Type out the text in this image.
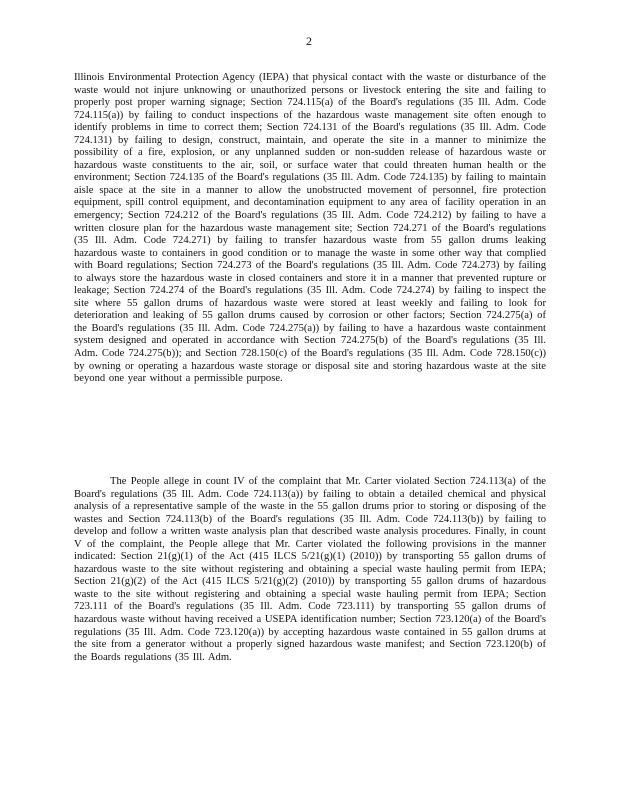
2

Illinois Environmental Protection Agency (IEPA) that physical contact with the waste or disturbance of the waste would not injure unknowing or unauthorized persons or livestock entering the site and failing to properly post proper warning signage; Section 724.115(a) of the Board's regulations (35 Ill. Adm. Code 724.115(a)) by failing to conduct inspections of the hazardous waste management site often enough to identify problems in time to correct them; Section 724.131 of the Board's regulations (35 Ill. Adm. Code 724.131) by failing to design, construct, maintain, and operate the site in a manner to minimize the possibility of a fire, explosion, or any unplanned sudden or non-sudden release of hazardous waste or hazardous waste constituents to the air, soil, or surface water that could threaten human health or the environment; Section 724.135 of the Board's regulations (35 Ill. Adm. Code 724.135) by failing to maintain aisle space at the site in a manner to allow the unobstructed movement of personnel, fire protection equipment, spill control equipment, and decontamination equipment to any area of facility operation in an emergency; Section 724.212 of the Board's regulations (35 Ill. Adm. Code 724.212) by failing to have a written closure plan for the hazardous waste management site; Section 724.271 of the Board's regulations (35 Ill. Adm. Code 724.271) by failing to transfer hazardous waste from 55 gallon drums leaking hazardous waste to containers in good condition or to manage the waste in some other way that complied with Board regulations; Section 724.273 of the Board's regulations (35 Ill. Adm. Code 724.273) by failing to always store the hazardous waste in closed containers and store it in a manner that prevented rupture or leakage; Section 724.274 of the Board's regulations (35 Ill. Adm. Code 724.274) by failing to inspect the site where 55 gallon drums of hazardous waste were stored at least weekly and failing to look for deterioration and leaking of 55 gallon drums caused by corrosion or other factors; Section 724.275(a) of the Board's regulations (35 Ill. Adm. Code 724.275(a)) by failing to have a hazardous waste containment system designed and operated in accordance with Section 724.275(b) of the Board's regulations (35 Ill. Adm. Code 724.275(b)); and Section 728.150(c) of the Board's regulations (35 Ill. Adm. Code 728.150(c)) by owning or operating a hazardous waste storage or disposal site and storing hazardous waste at the site beyond one year without a permissible purpose.

The People allege in count IV of the complaint that Mr. Carter violated Section 724.113(a) of the Board's regulations (35 Ill. Adm. Code 724.113(a)) by failing to obtain a detailed chemical and physical analysis of a representative sample of the waste in the 55 gallon drums prior to storing or disposing of the wastes and Section 724.113(b) of the Board's regulations (35 Ill. Adm. Code 724.113(b)) by failing to develop and follow a written waste analysis plan that described waste analysis procedures. Finally, in count V of the complaint, the People allege that Mr. Carter violated the following provisions in the manner indicated: Section 21(g)(1) of the Act (415 ILCS 5/21(g)(1) (2010)) by transporting 55 gallon drums of hazardous waste to the site without registering and obtaining a special waste hauling permit from IEPA; Section 21(g)(2) of the Act (415 ILCS 5/21(g)(2) (2010)) by transporting 55 gallon drums of hazardous waste to the site without registering and obtaining a special waste hauling permit from IEPA; Section 723.111 of the Board's regulations (35 Ill. Adm. Code 723.111) by transporting 55 gallon drums of hazardous waste without having received a USEPA identification number; Section 723.120(a) of the Board's regulations (35 Ill. Adm. Code 723.120(a)) by accepting hazardous waste contained in 55 gallon drums at the site from a generator without a properly signed hazardous waste manifest; and Section 723.120(b) of the Boards regulations (35 Ill. Adm.
